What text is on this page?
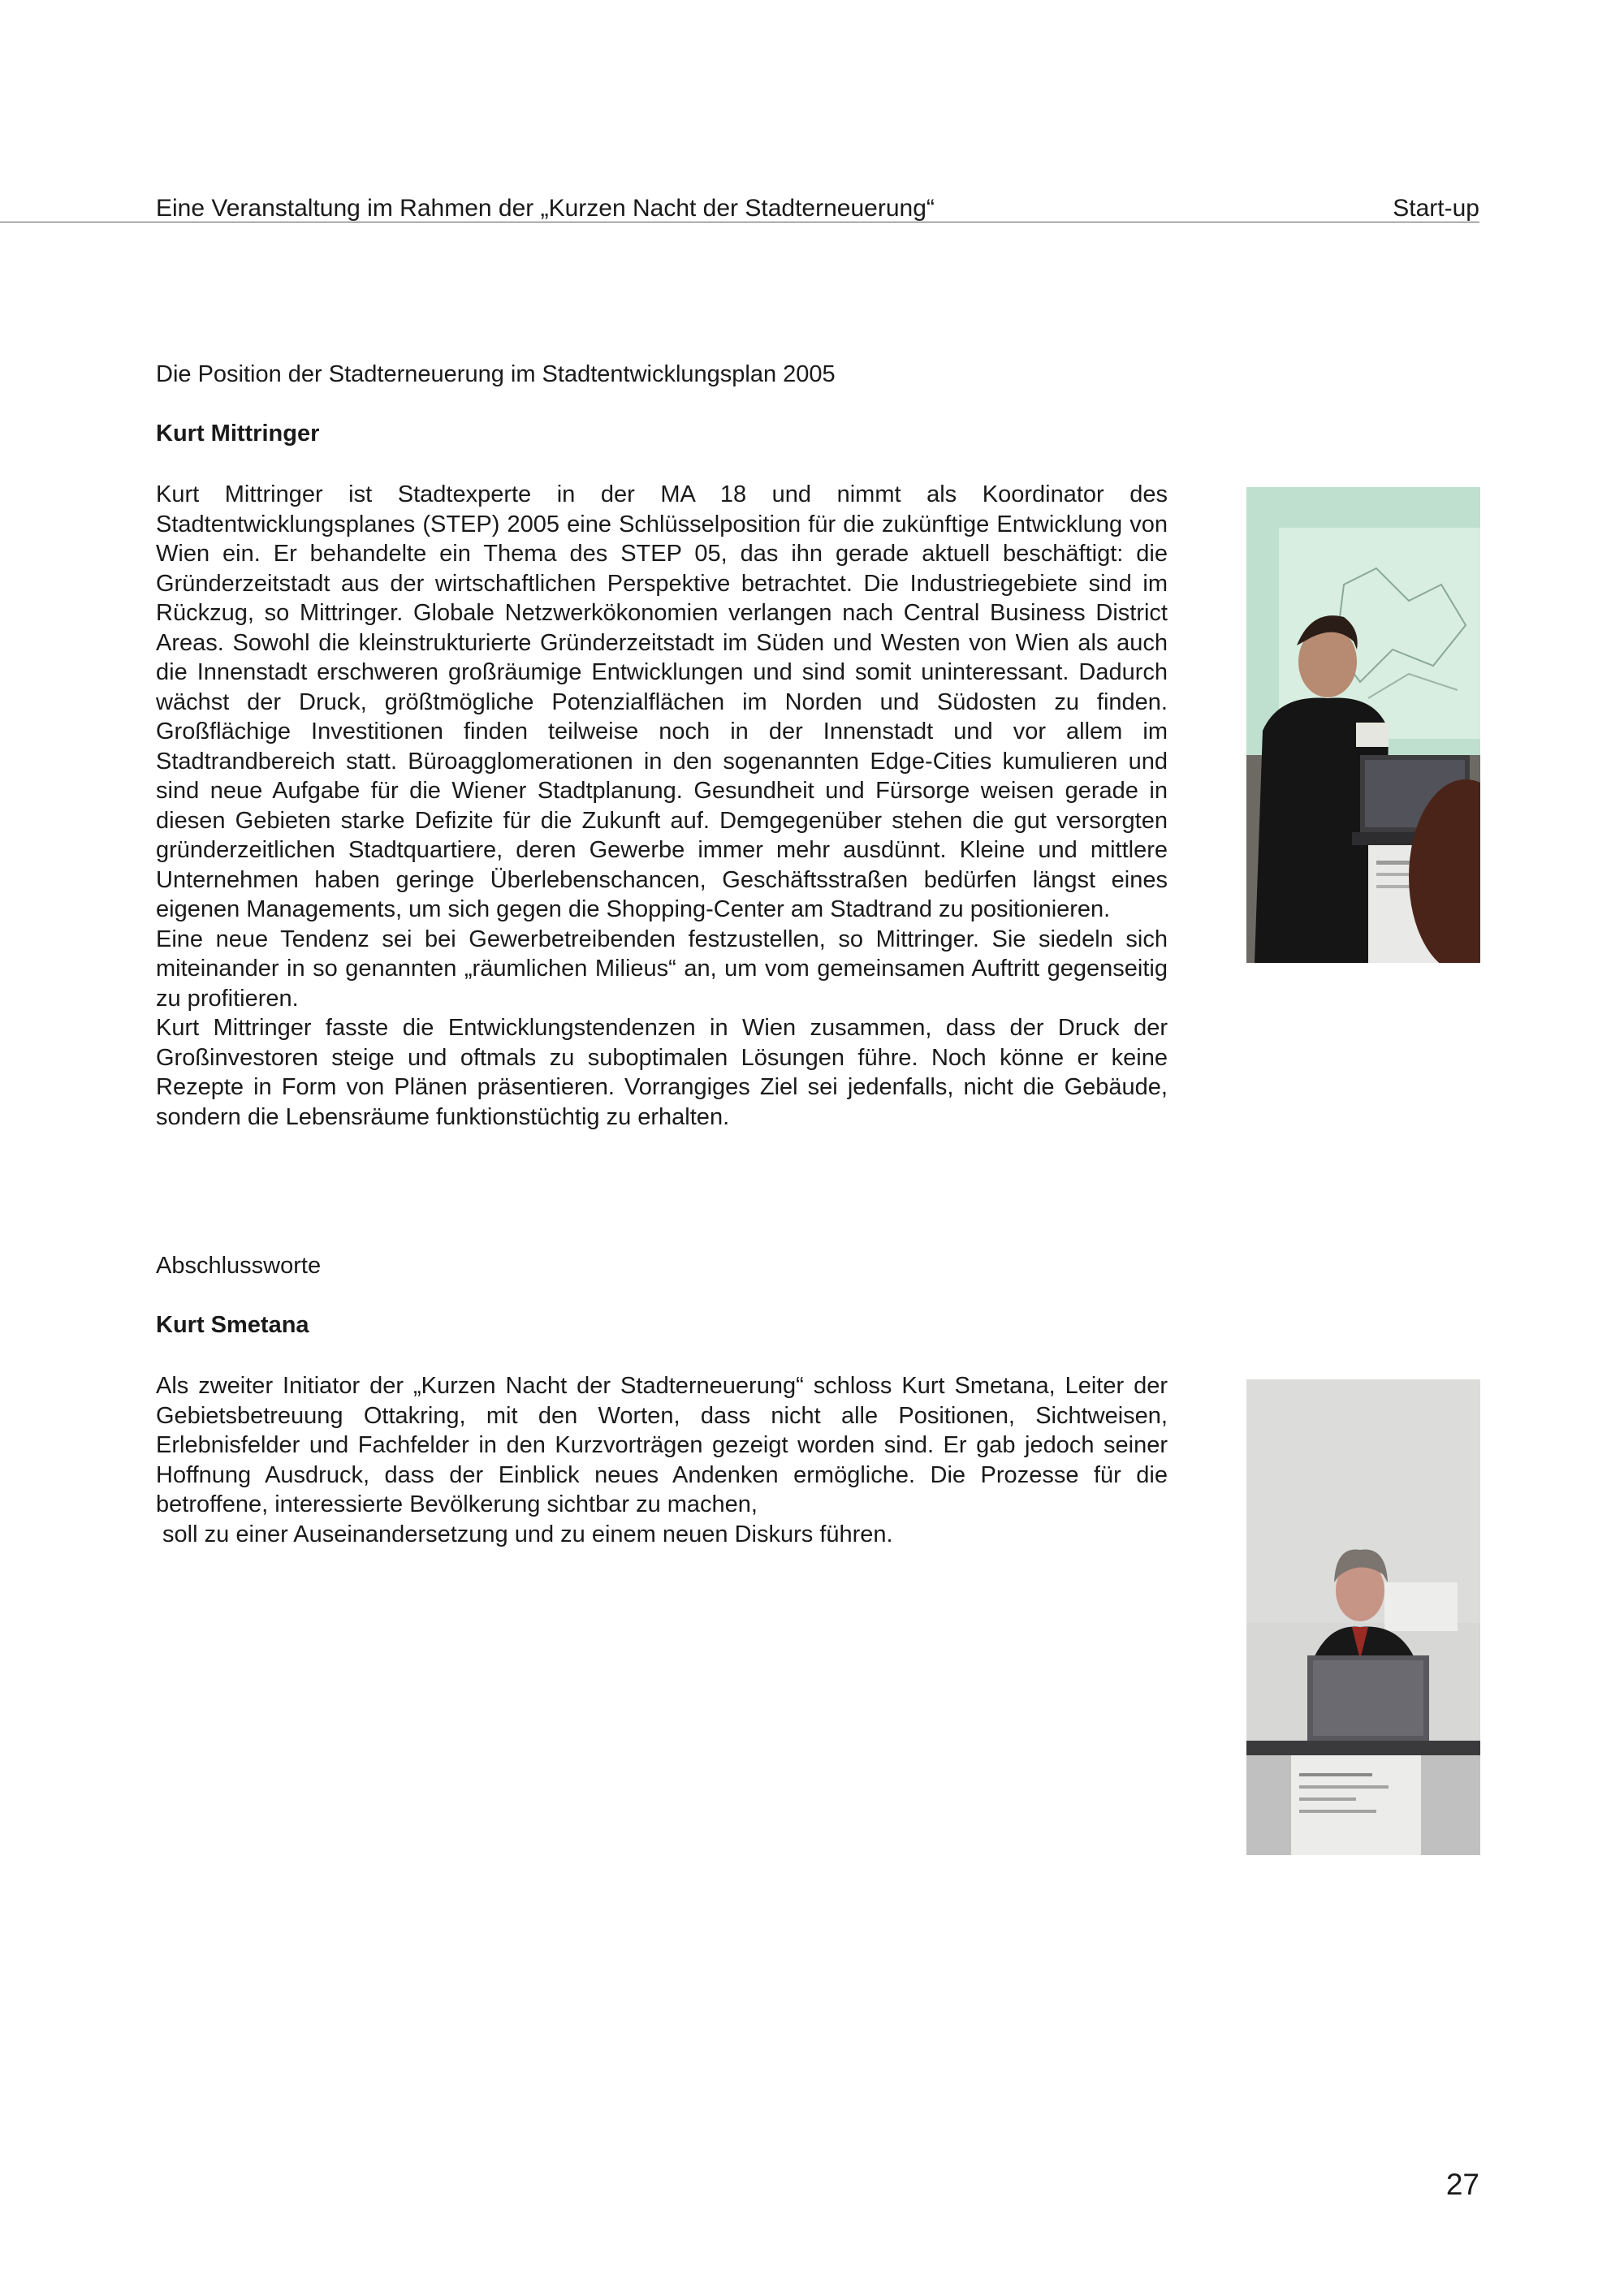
Eine Veranstaltung im Rahmen der „Kurzen Nacht der Stadterneuerung“	Start-up
Die Position der Stadterneuerung im Stadtentwicklungsplan 2005
Kurt Mittringer

Kurt Mittringer ist Stadtexperte in der MA 18 und nimmt als Koordinator des Stadtentwicklungsplanes (STEP) 2005 eine Schlüsselposition für die zukünftige Entwicklung von Wien ein. Er behandelte ein Thema des STEP 05, das ihn gerade aktuell beschäftigt: die Gründerzeitstadt aus der wirtschaftlichen Perspektive betrachtet. Die Industriegebiete sind im Rückzug, so Mittringer. Globale Netzwerkökonomien verlangen nach Central Business District Areas. Sowohl die kleinstrukturierte Gründerzeitstadt im Süden und Westen von Wien als auch die Innenstadt erschweren großräumige Entwicklungen und sind somit uninteressant. Dadurch wächst der Druck, größtmögliche Potenzialflächen im Norden und Südosten zu finden. Großflächige Investitionen finden teilweise noch in der Innenstadt und vor allem im Stadtrandbereich statt. Büroagglomerationen in den sogenannten Edge-Cities kumulieren und sind neue Aufgabe für die Wiener Stadtplanung. Gesundheit und Fürsorge weisen gerade in diesen Gebieten starke Defizite für die Zukunft auf. Demgegenüber stehen die gut versorgten gründerzeitlichen Stadtquartiere, deren Gewerbe immer mehr ausdünnt. Kleine und mittlere Unternehmen haben geringe Überlebenschancen, Geschäftsstraßen bedürfen längst eines eigenen Managements, um sich gegen die Shopping-Center am Stadtrand zu positionieren.

Eine neue Tendenz sei bei Gewerbetreibenden festzustellen, so Mittringer. Sie siedeln sich miteinander in so genannten „räumlichen Milieus“ an, um vom gemeinsamen Auftritt gegenseitig zu profitieren.

Kurt Mittringer fasste die Entwicklungstendenzen in Wien zusammen, dass der Druck der Großinvestoren steige und oftmals zu suboptimalen Lösungen führe. Noch könne er keine Rezepte in Form von Plänen präsentieren. Vorrangiges Ziel sei jedenfalls, nicht die Gebäude, sondern die Lebensräume funktionstüchtig zu erhalten.

Abschlussworte
Kurt Smetana

Als zweiter Initiator der „Kurzen Nacht der Stadterneuerung“ schloss Kurt Smetana, Leiter der Gebietsbetreuung Ottakring, mit den Worten, dass nicht alle Positionen, Sichtweisen, Erlebnisfelder und Fachfelder in den Kurzvorträgen gezeigt worden sind. Er gab jedoch seiner Hoffnung Ausdruck, dass der Einblick neues Andenken ermögliche. Die Prozesse für die betroffene, interessierte Bevölkerung sichtbar zu machen,

soll zu einer Auseinandersetzung und zu einem neuen Diskurs führen.

27
